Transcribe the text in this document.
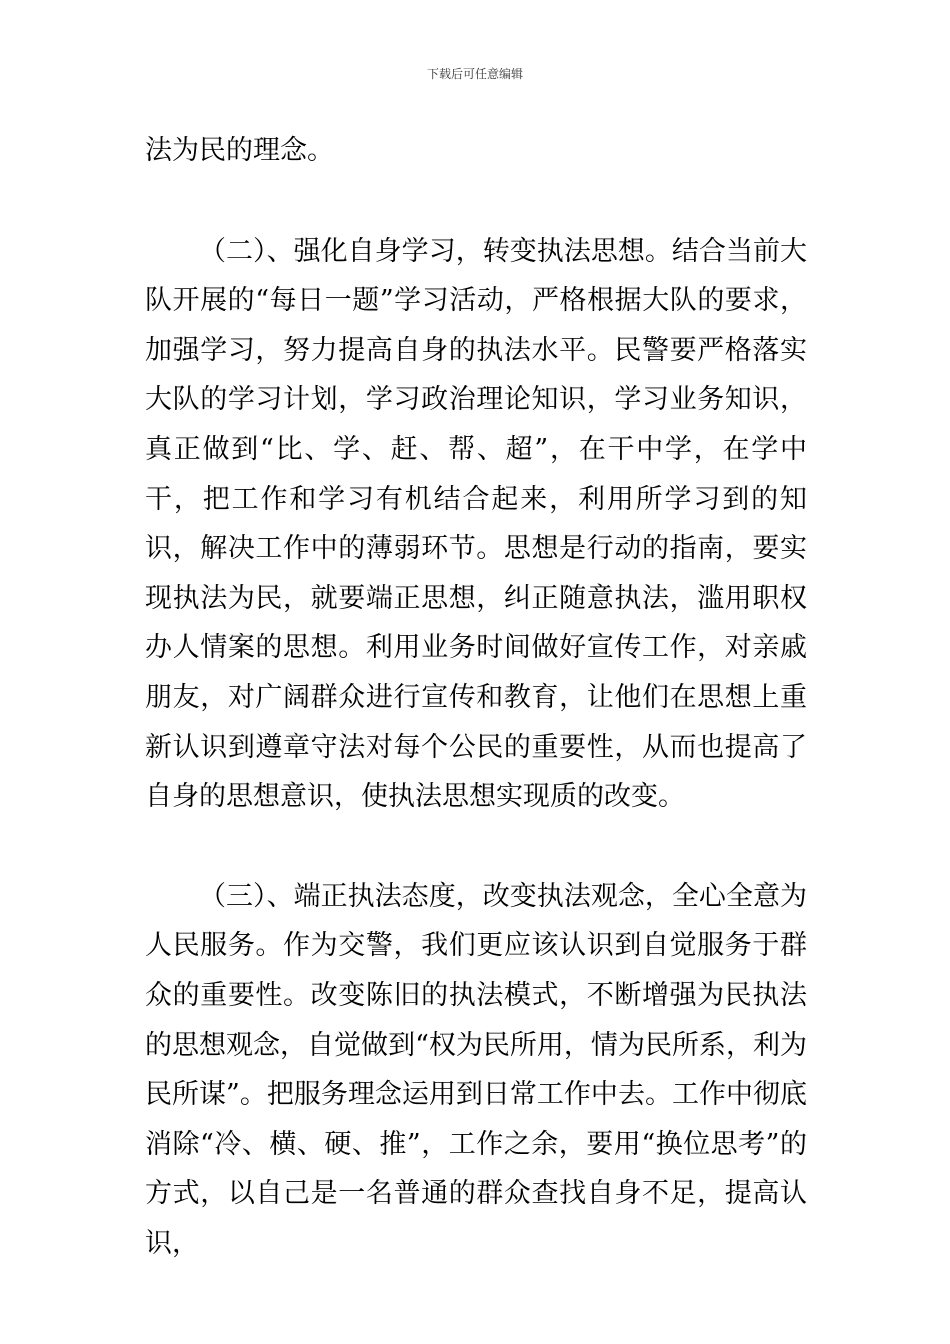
下载后可任意编辑

法为民的理念。

（二）、强化自身学习，转变执法思想。结合当前大队开展的“每日一题”学习活动，严格根据大队的要求，加强学习，努力提高自身的执法水平。民警要严格落实大队的学习计划，学习政治理论知识，学习业务知识，真正做到“比、学、赶、帮、超”，在干中学，在学中干，把工作和学习有机结合起来，利用所学习到的知识，解决工作中的薄弱环节。思想是行动的指南，要实现执法为民，就要端正思想，纠正随意执法，滥用职权办人情案的思想。利用业务时间做好宣传工作，对亲戚朋友，对广阔群众进行宣传和教育，让他们在思想上重新认识到遵章守法对每个公民的重要性，从而也提高了自身的思想意识，使执法思想实现质的改变。

（三）、端正执法态度，改变执法观念，全心全意为人民服务。作为交警，我们更应该认识到自觉服务于群众的重要性。改变陈旧的执法模式，不断增强为民执法的思想观念，自觉做到“权为民所用，情为民所系，利为民所谋”。把服务理念运用到日常工作中去。工作中彻底消除“冷、横、硬、推”，工作之余，要用“换位思考”的方式，以自己是一名普通的群众查找自身不足，提高认识，
